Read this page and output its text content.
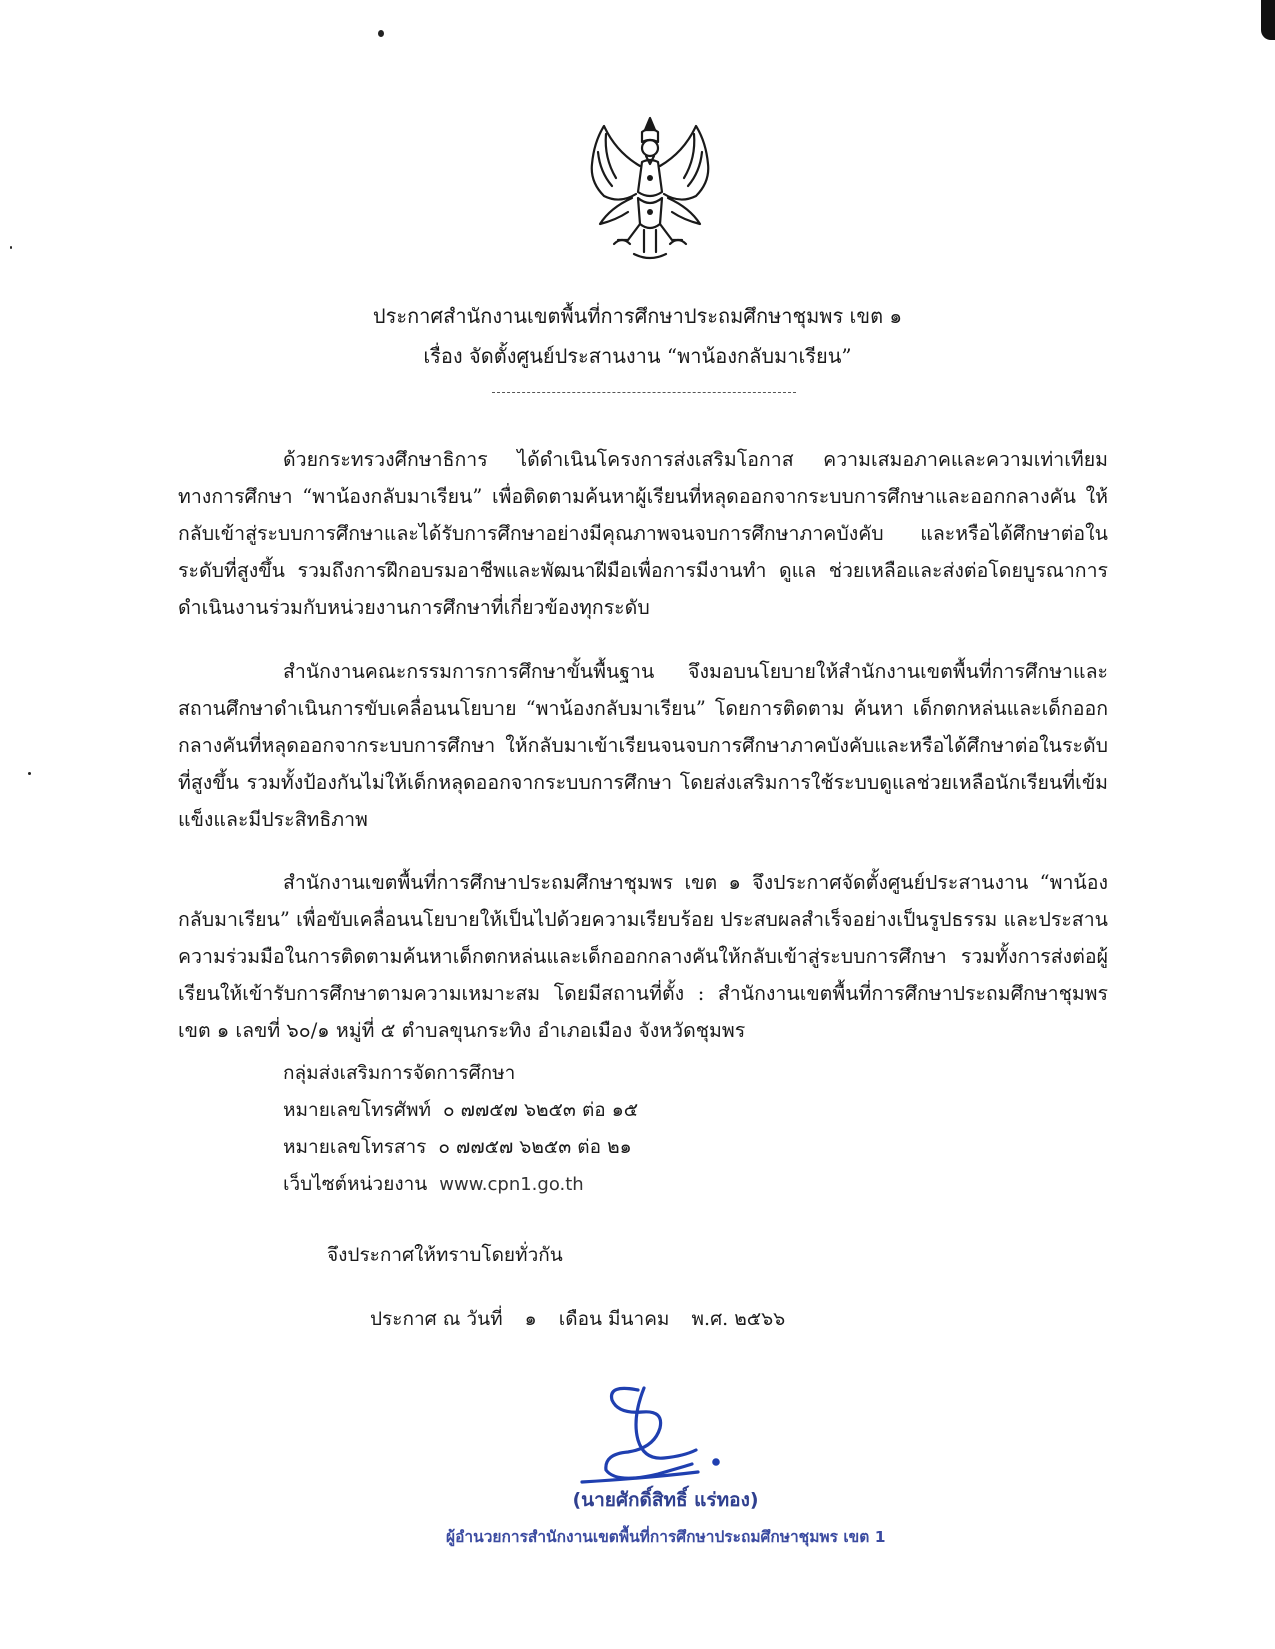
ประกาศสำนักงานเขตพื้นที่การศึกษาประถมศึกษาชุมพร เขต ๑
เรื่อง จัดตั้งศูนย์ประสานงาน “พาน้องกลับมาเรียน”

ด้วยกระทรวงศึกษาธิการ ได้ดำเนินโครงการส่งเสริมโอกาส ความเสมอภาคและความเท่าเทียมทางการศึกษา “พาน้องกลับมาเรียน” เพื่อติดตามค้นหาผู้เรียนที่หลุดออกจากระบบการศึกษาและออกกลางคัน ให้กลับเข้าสู่ระบบการศึกษาและได้รับการศึกษาอย่างมีคุณภาพจนจบการศึกษาภาคบังคับ และหรือได้ศึกษาต่อในระดับที่สูงขึ้น รวมถึงการฝึกอบรมอาชีพและพัฒนาฝีมือเพื่อการมีงานทำ ดูแล ช่วยเหลือและส่งต่อโดยบูรณาการดำเนินงานร่วมกับหน่วยงานการศึกษาที่เกี่ยวข้องทุกระดับ

สำนักงานคณะกรรมการการศึกษาขั้นพื้นฐาน จึงมอบนโยบายให้สำนักงานเขตพื้นที่การศึกษาและสถานศึกษาดำเนินการขับเคลื่อนนโยบาย “พาน้องกลับมาเรียน” โดยการติดตาม ค้นหา เด็กตกหล่นและเด็กออกกลางคันที่หลุดออกจากระบบการศึกษา ให้กลับมาเข้าเรียนจนจบการศึกษาภาคบังคับและหรือได้ศึกษาต่อในระดับที่สูงขึ้น รวมทั้งป้องกันไม่ให้เด็กหลุดออกจากระบบการศึกษา โดยส่งเสริมการใช้ระบบดูแลช่วยเหลือนักเรียนที่เข้มแข็งและมีประสิทธิภาพ

สำนักงานเขตพื้นที่การศึกษาประถมศึกษาชุมพร เขต ๑ จึงประกาศจัดตั้งศูนย์ประสานงาน “พาน้องกลับมาเรียน” เพื่อขับเคลื่อนนโยบายให้เป็นไปด้วยความเรียบร้อย ประสบผลสำเร็จอย่างเป็นรูปธรรม และประสานความร่วมมือในการติดตามค้นหาเด็กตกหล่นและเด็กออกกลางคันให้กลับเข้าสู่ระบบการศึกษา รวมทั้งการส่งต่อผู้เรียนให้เข้ารับการศึกษาตามความเหมาะสม โดยมีสถานที่ตั้ง : สำนักงานเขตพื้นที่การศึกษาประถมศึกษาชุมพร เขต ๑ เลขที่ ๖๐/๑ หมู่ที่ ๕ ตำบลขุนกระทิง อำเภอเมือง จังหวัดชุมพร

กลุ่มส่งเสริมการจัดการศึกษา
หมายเลขโทรศัพท์ ๐ ๗๗๕๗ ๖๒๕๓ ต่อ ๑๕
หมายเลขโทรสาร ๐ ๗๗๕๗ ๖๒๕๓ ต่อ ๒๑
เว็บไซต์หน่วยงาน www.cpn1.go.th
จึงประกาศให้ทราบโดยทั่วกัน
ประกาศ ณ วันที่ ๑ เดือน มีนาคม พ.ศ. ๒๕๖๖
(นายศักดิ์สิทธิ์ แร่ทอง)
ผู้อำนวยการสำนักงานเขตพื้นที่การศึกษาประถมศึกษาชุมพร เขต 1
